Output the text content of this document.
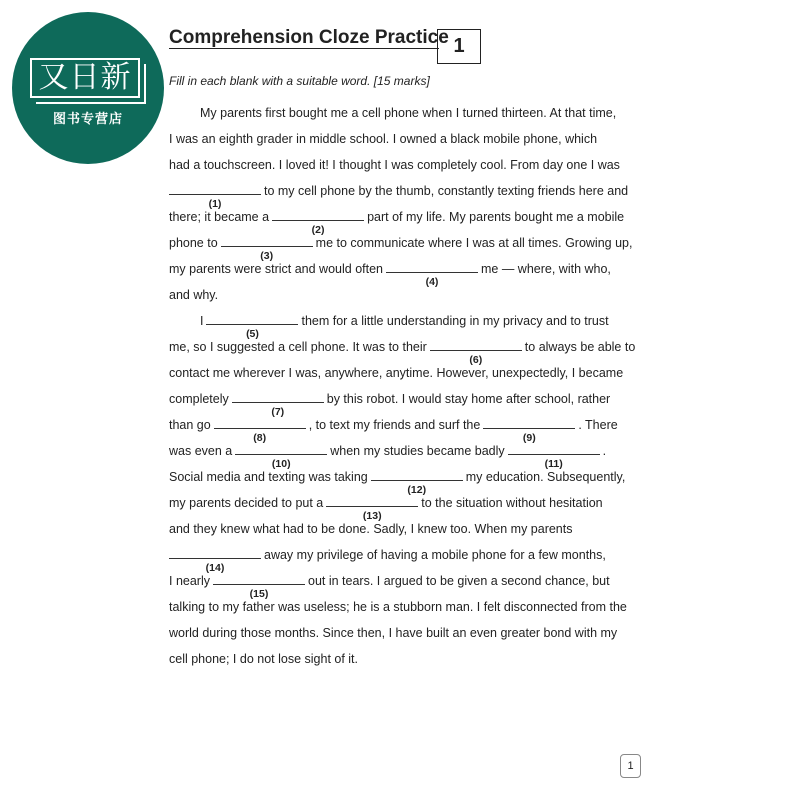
又日新
图书专营店
Comprehension Cloze Practice 1
Fill in each blank with a suitable word. [15 marks]
My parents first bought me a cell phone when I turned thirteen. At that time,
I was an eighth grader in middle school. I owned a black mobile phone, which
had a touchscreen. I loved it! I thought I was completely cool. From day one I was
(1)
to my cell phone by the thumb, constantly texting friends here and
there; it became a
(2)
part of my life. My parents bought me a mobile
phone to
(3)
me to communicate where I was at all times. Growing up,
my parents were strict and would often
(4)
me — where, with who,
and why.
I
(5)
them for a little understanding in my privacy and to trust
me, so I suggested a cell phone. It was to their
(6)
to always be able to
contact me wherever I was, anywhere, anytime. However, unexpectedly, I became
completely
(7)
by this robot. I would stay home after school, rather
than go
(8)
, to text my friends and surf the
(9)
. There
was even a
(10)
when my studies became badly
(11)
.
Social media and texting was taking
(12)
my education. Subsequently,
my parents decided to put a
(13)
to the situation without hesitation
and they knew what had to be done. Sadly, I knew too. When my parents
(14)
away my privilege of having a mobile phone for a few months,
I nearly
(15)
out in tears. I argued to be given a second chance, but
talking to my father was useless; he is a stubborn man. I felt disconnected from the
world during those months. Since then, I have built an even greater bond with my
cell phone; I do not lose sight of it.
1
